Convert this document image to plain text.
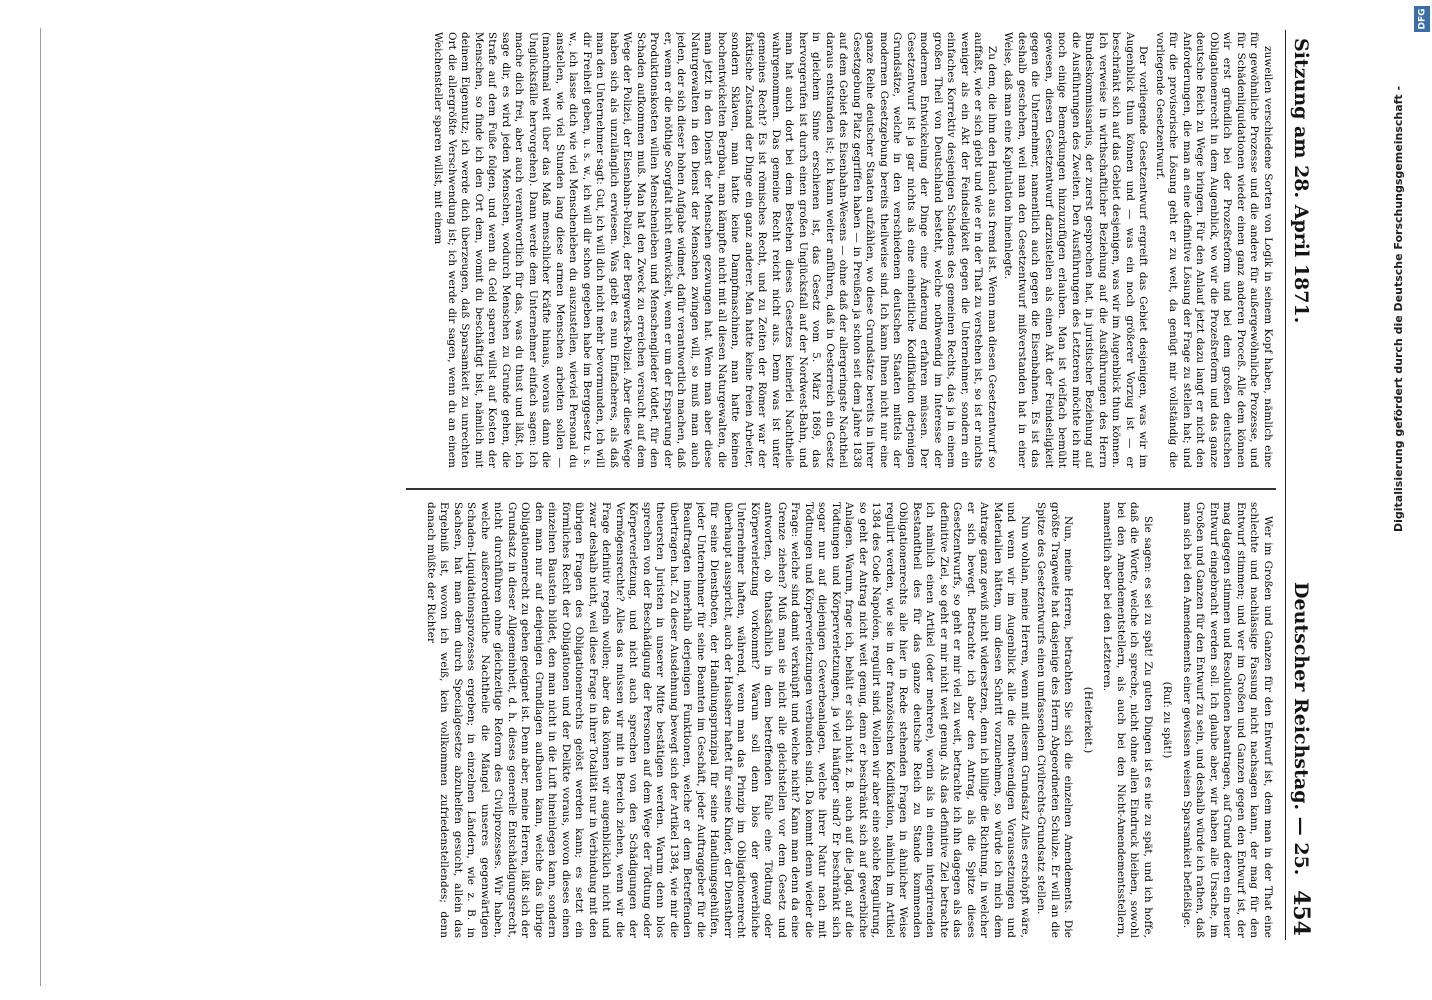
Sitzung am 28. April 1871.
Deutscher Reichstag. — 25.
454

zuweilen verschiedene Sorten von Logik in seinem Kopf haben, nämlich eine für gewöhnliche Prozesse und die andere für außergewöhnliche Prozesse, und für Schädenliquidationen wieder einen ganz anderen Proceß. Alle dem können wir erst gründlich bei der Prozeßreform und bei dem großen deutschen Obligationenrecht in dem Augenblick, wo wir die Prozeßreform und das ganze deutsche Reich zu Wege bringen. Für den Anlauf jetzt dazu langt er nicht den Anforderungen, die man an eine definitive Lösung der Frage zu stellen hat; und für die provisorische Lösung geht er zu weit, da genügt mir vollständig die vorliegende Gesetzentwurf.

Der vorliegende Gesetzentwurf ergreift das Gebiet desjenigen, was wir im Augenblick thun können und — was ein noch größerer Vorzug ist — er beschränkt sich auf das Gebiet desjenigen, was wir im Augenblick thun können. Ich verweise in wirthschaftlicher Beziehung auf die Ausführungen des Herrn Bundeskommissarius, der zuerst gesprochen hat, in juristischer Beziehung auf die Ausführungen des Zweiten. Den Ausführungen des Letzteren möchte ich mir noch einige Bemerkungen hinzuzufügen erlauben. Man ist vielfach bemüht gewesen, diesen Gesetzentwurf darzustellen als einen Akt der Feindseligkeit gegen die Unternehmer, namentlich auch gegen die Eisenbahnen. Es ist das deshalb geschehen, weil man den Gesetzentwurf mißverstanden hat in einer Weise, daß man eine Kapitulation hineinlegte.

Zu dem, die ihm den Hauch aus fremd ist. Wenn man diesen Gesetzentwurf so auffaßt, wie er sich giebt und wie er in der That zu verstehen ist, so ist er nichts weniger als ein Akt der Feindseligkeit gegen die Unternehmer, sondern ein einfaches Korrektiv desjenigen Schadens des gemeinen Rechts, das ja in einem großen Theil von Deutschland besteht, welche nothwendig im Interesse der modernen Entwickelung der Dinge eine Änderung erfahren müssen. Der Gesetzentwurf ist ja gar nichts als eine einheitliche Kodifikation derjenigen Grundsätze, welche in den verschiedenen deutschen Staaten mittels der modernen Gesetzgebung bereits theilweise sind. Ich kann Ihnen nicht nur eine ganze Reihe deutscher Staaten aufzählen, wo diese Grundsätze bereits in ihrer Gesetzgebung Platz gegriffen haben — in Preußen ja schon seit dem Jahre 1838 auf dem Gebiet des Eisenbahn-Wesens — ohne daß der allergeringste Nachtheil daraus entstanden ist; ich kann weiter anführen, daß in Oesterreich ein Gesetz in gleichem Sinne erschienen ist, das Gesetz vom 5. März 1869, das hervorgerufen ist durch einen großen Unglücksfall auf der Nordwest-Bahn, und man hat auch dort bei dem Bestehen dieses Gesetzes keinerlei Nachtheile wahrgenommen. Das gemeine Recht reicht nicht aus. Denn was ist unter gemeines Recht? Es ist römisches Recht, und zu Zeiten der Römer war der faktische Zustand der Dinge ein ganz anderer. Man hatte keine freien Arbeiter, sondern Sklaven, man hatte keine Dampfmaschinen, man hatte keinen hochentwickelten Bergbau, man kämpfte nicht mit all diesen Naturgewalten, die man jetzt in den Dienst der Menschen gezwungen hat. Wenn man aber diese Naturgewalten in den Dienst der Menschen zwingen will, so muß man auch jeden, der sich dieser hohen Aufgabe widmet, dafür verantwortlich machen, daß er, wenn er die nöthige Sorgfalt nicht entwickelt, wenn er um der Ersparung der Produktionskosten willen Menschenleben und Menschenglieder tödtet, für den Schaden aufkommen muß. Man hat den Zweck zu erreichen versucht auf dem Wege der Polizei, der Eisenbahn-Polizei, der Bergwerks-Polizei. Aber diese Wege haben sich als unzulänglich erwiesen. Was giebt es nun Einfacheres, als daß man den Unternehmer sagt: Gut, ich will dich nicht mehr bevormunden, ich will dir Freiheit geben, u. s. w., ich will dir schon gegeben habe im Berggesetz u. s. w., ich lasse dich wie viel Menschenleben du auszustellen, wieviel Personal du anstellen, wie viel Stunden lang diese armen Menschen arbeiten sollen — (manchmal weit über das Maß menschlicher Kräfte hinaus, woraus dann die Unglücksfälle hervorgehen). Dann werde dem Unternehmer einfach sagen: Ich mache dich frei, aber auch verantwortlich für das, was du thust und läßt, ich sage dir, es wird jeden Menschen, wodurch Menschen zu Grunde gehen, die Strafe auf dem Fuße folgen, und wenn du Geld sparen willst auf Kosten der Menschen, so finde ich den Ort dem, womit du beschäftigt bist, nämlich mit deinem Eigennutz; ich werde dich überzeugen, daß Sparsamkeit zu unrechten Ort die allergrößte Verschwendung ist; ich werde dir sagen, wenn du an einem Weichensteller sparen willst, mit einem

Wer im Großen und Ganzen für den Entwurf ist, dem man in der That eine schlechte und nachlässige Fassung nicht nachsagen kann, der mag für den Entwurf stimmen; und wer im Großen und Ganzen gegen den Entwurf ist, der mag dagegen stimmen und Resolutionen beantragen, auf Grund deren ein neuer Entwurf eingebracht werden soll. Ich glaube aber, wir haben alle Ursache, im Großen und Ganzen für den Entwurf zu sein, und deshalb würde ich rathen, daß man sich bei den Amendements einer gewissen weisen Sparsamkeit befleißige.

(Ruf: zu spät!)

Sie sagen: es sei zu spät! Zu guten Dingen ist es nie zu spät, und ich hoffe, daß die Worte, welche ich spreche, nicht ohne allen Eindruck bleiben, sowohl bei den Amendementstellern, als auch bei den Nicht-Amendementsstellern, namentlich aber bei den Letzteren.

(Heiterkeit.)

Nun, meine Herren, betrachten Sie sich die einzelnen Amendements. Die größte Tragweite hat dasjenige des Herrn Abgeordneten Schulze. Er will an die Spitze des Gesetzentwurfs einen umfassenden Civilrechts-Grundsatz stellen.

Nun wohlan, meine Herren, wenn mit diesem Grundsatz Alles erschöpft wäre, und wenn wir im Augenblick alle die nothwendigen Voraussetzungen und Materialien hätten, um diesen Schritt vorzunehmen, so würde ich mich dem Antrage ganz gewiß nicht widersetzen, denn ich billige die Richtung, in welcher er sich bewegt. Betrachte ich aber den Antrag, als die Spitze dieses Gesetzentwurfs, so geht er mir viel zu weit, betrachte ich ihn dagegen als das definitive Ziel, so geht er mir nicht weit genug. Als das definitive Ziel betrachte ich nämlich einen Artikel (oder mehrere), worin als in einem integrirenden Bestandtheil des für das ganze deutsche Reich zu Stande kommenden Obligationenrechts alle hier in Rede stehenden Fragen in ähnlicher Weise regulirt werden, wie sie in der französischen Kodifikation, nämlich im Artikel 1384 des Code Napoléon, regulirt sind. Wollen wir aber eine solche Regulirung, so geht der Antrag nicht weit genug, denn er beschränkt sich auf gewerbliche Anlagen. Warum, frage ich, behält er sich nicht z. B. auch auf die Jagd, auf die Tödtungen und Körperverletzungen, ja viel häufiger sind? Er beschränkt sich sogar nur auf diejenigen Gewerbeanlagen, welche ihrer Natur nach mit Tödtungen und Körperverletzungen verbunden sind. Da kommt denn wieder die Frage: welche sind damit verknüpft und welche nicht? Kann man denn da eine Grenze ziehen? Muß man sie nicht alle gleichstellen vor dem Gesetz und antworten, ob thatsächlich in dem betreffenden Falle eine Tödtung oder Körperverletzung vorkommt? Warum soll denn blos der gewerbliche Unternehmer haften, während, wenn man das Prinzip im Obligationenrecht überhaupt ausspricht, auch der Hausherr haftet für seine Kinder, der Dienstherr für seine Dienstboten, der Handlungsprinzipal für seine Handlungsgehülfen, jeder Unternehmer für seine Beamten im Geschäft, jeder Auftraggeber für die Beauftragten innerhalb derjenigen Funktionen, welche er dem Betreffenden übertragen hat. Zu dieser Ausdehnung bewegt sich der Artikel 1384, wie mir die theuersten Juristen in unserer Mitte bestätigen werden. Warum denn blos sprechen von der Beschädigung der Personen auf dem Wege der Tödtung oder Körperverletzung, und nicht auch sprechen von den Schädigungen der Vermögensrechte? Alles das müssen wir mit in Bereich ziehen, wenn wir die Frage definitiv regeln wollen; aber das können wir augenblicklich nicht und zwar deshalb nicht, weil diese Frage in ihrer Totalität nur in Verbindung mit den übrigen Fragen des Obligationenrechts gelöst werden kann; es setzt ein förmliches Recht der Obligationen und der Delikte voraus, wovon dieses einen einzelnen Baustein bildet, den man nicht in die Luft hineinlegen kann, sondern den man nur auf denjenigen Grundlagen aufbauen kann, welche das übrige Obligationenrecht zu geben geeignet ist. Denn aber, meine Herren, läßt sich der Grundsatz in dieser Allgemeinheit, d. h. dieses generelle Entschädigungsrecht, nicht durchführen ohne gleichzeitige Reform des Civilprozesses. Wir haben, welche außerordentliche Nachtheile die Mängel unseres gegenwärtigen Schaden-Liquidationsprozesses ergeben; in einzelnen Ländern, wie z. B. in Sachsen, hat man dem durch Specialgesetze abzuhelfen gesucht, allein das Ergebniß ist, wovon ich weiß, kein vollkommen zufriedenstellendes; denn danach müßte der Richter

Digitalisierung gefördert durch die Deutsche Forschungsgemeinschaft -
DFG
